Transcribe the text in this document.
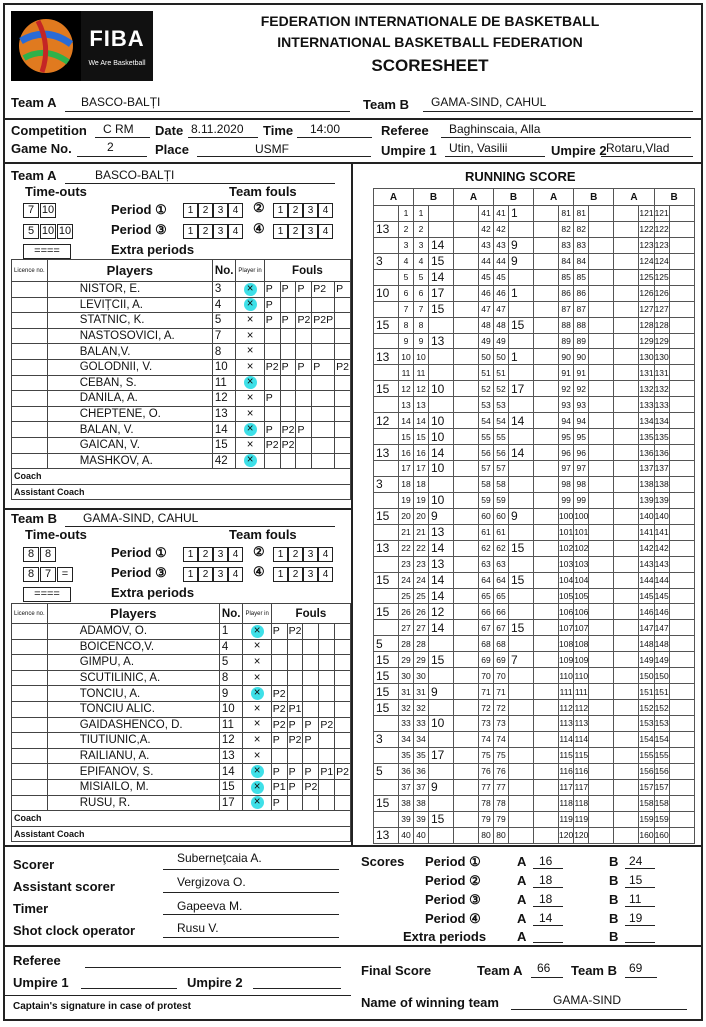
FIBA
We Are Basketball
FEDERATION INTERNATIONALE DE BASKETBALL
INTERNATIONAL BASKETBALL FEDERATION
SCORESHEET
Team A BASCO-BALȚI	Team B GAMA-SIND, CAHUL
Competition C RM Date 8.11.2020 Time 14:00	Referee Baghinscaia, Alla
Game No.	2	Place	USMF	Umpire 1 Utin, Vasilii	Umpire 2 Rotaru,Vlad
Team A	BASCO-BALȚI
Time-outs	Team fouls
7 10
5 10 10
====
Period ①
Period ③
Extra periods
1 2 3 4	②	1 2 3 4
1 2 3 4	④	1 2 3 4
Licence no.	Players	No.	Player in	Fouls				
	NISTOR, E.	3	×	P	P	P	P2	P
	LEVIȚCII, A.	4	×	P				
	STATNIC, K.	5	×	P	P	P2	P2P	
	NASTOSOVICI, A.	7	×					
	BALAN,V.	8	×					
	GOLODNII, V.	10	×	P2	P	P	P	P2
	CEBAN, S.	11	×					
	DANILA, A.	12	×	P				
	CHEPTENE, O.	13	×					
	BALAN, V.	14	×	P	P2	P		
	GAICAN, V.	15	×	P2	P2			
	MASHKOV, A.	42	×					
Coach								
Assistant Coach								
Team B GAMA-SIND, CAHUL
Time-outs	Team fouls
8 8
8 7 =
====
Period ①
Period ③
Extra periods
1 2 3 4	②	1 2 3 4
1 2 3 4	④	1 2 3 4
Licence no.	Players	No.	Player in	Fouls				
	ADAMOV, O.	1	×	P	P2			
	BOICENCO,V.	4	×					
	GIMPU, A.	5	×					
	SCUTILINIC, A.	8	×					
	TONCIU, A.	9	×	P2				
	TONCIU ALIC.	10	×	P2	P1			
	GAIDASHENCO, D.	11	×	P2	P	P	P2	
	TIUTIUNIC,A.	12	×	P	P2	P		
	RAILIANU, A.	13	×					
	EPIFANOV, S.	14	×	P	P	P	P1	P2
	MISIAILO, M.	15	×	P1	P	P2		
	RUSU, R.	17	×	P				
Coach								
Assistant Coach								
RUNNING SCORE
A		B		A		B		A		B		A		B	
	1	1			41	41	1		81	81			121	121	
13	2	2			42	42			82	82			122	122	
	3	3	14		43	43	9		83	83			123	123	
3	4	4	15		44	44	9		84	84			124	124	
	5	5	14		45	45			85	85			125	125	
10	6	6	17		46	46	1		86	86			126	126	
	7	7	15		47	47			87	87			127	127	
15	8	8			48	48	15		88	88			128	128	
	9	9	13		49	49			89	89			129	129	
13	10	10			50	50	1		90	90			130	130	
	11	11			51	51			91	91			131	131	
15	12	12	10		52	52	17		92	92			132	132	
	13	13			53	53			93	93			133	133	
12	14	14	10		54	54	14		94	94			134	134	
	15	15	10		55	55			95	95			135	135	
13	16	16	14		56	56	14		96	96			136	136	
	17	17	10		57	57			97	97			137	137	
3	18	18			58	58			98	98			138	138	
	19	19	10		59	59			99	99			139	139	
15	20	20	9		60	60	9		100	100			140	140	
	21	21	13		61	61			101	101			141	141	
13	22	22	14		62	62	15		102	102			142	142	
	23	23	13		63	63			103	103			143	143	
15	24	24	14		64	64	15		104	104			144	144	
	25	25	14		65	65			105	105			145	145	
15	26	26	12		66	66			106	106			146	146	
	27	27	14		67	67	15		107	107			147	147	
5	28	28			68	68			108	108			148	148	
15	29	29	15		69	69	7		109	109			149	149	
15	30	30			70	70			110	110			150	150	
15	31	31	9		71	71			111	111			151	151	
15	32	32			72	72			112	112			152	152	
	33	33	10		73	73			113	113			153	153	
3	34	34			74	74			114	114			154	154	
	35	35	17		75	75			115	115			155	155	
5	36	36			76	76			116	116			156	156	
	37	37	9		77	77			117	117			157	157	
15	38	38			78	78			118	118			158	158	
	39	39	15		79	79			119	119			159	159	
13	40	40			80	80			120	120			160	160	
Scorer	Suberneţcaia A.
Assistant scorer	Vergizova O.
Timer	Gapeeva M.
Shot clock operator	Rusu V.
Referee
Umpire 1	Umpire 2
Captain's signature in case of protest
Scores Period ①	A 16	B 24
Period ②	A 18	B 15
Period ③	A 18	B 11
Period ④	A 14	B 19
Extra periods A	B
Final Score	Team A 66 Team B 69
Name of winning team	GAMA-SIND
